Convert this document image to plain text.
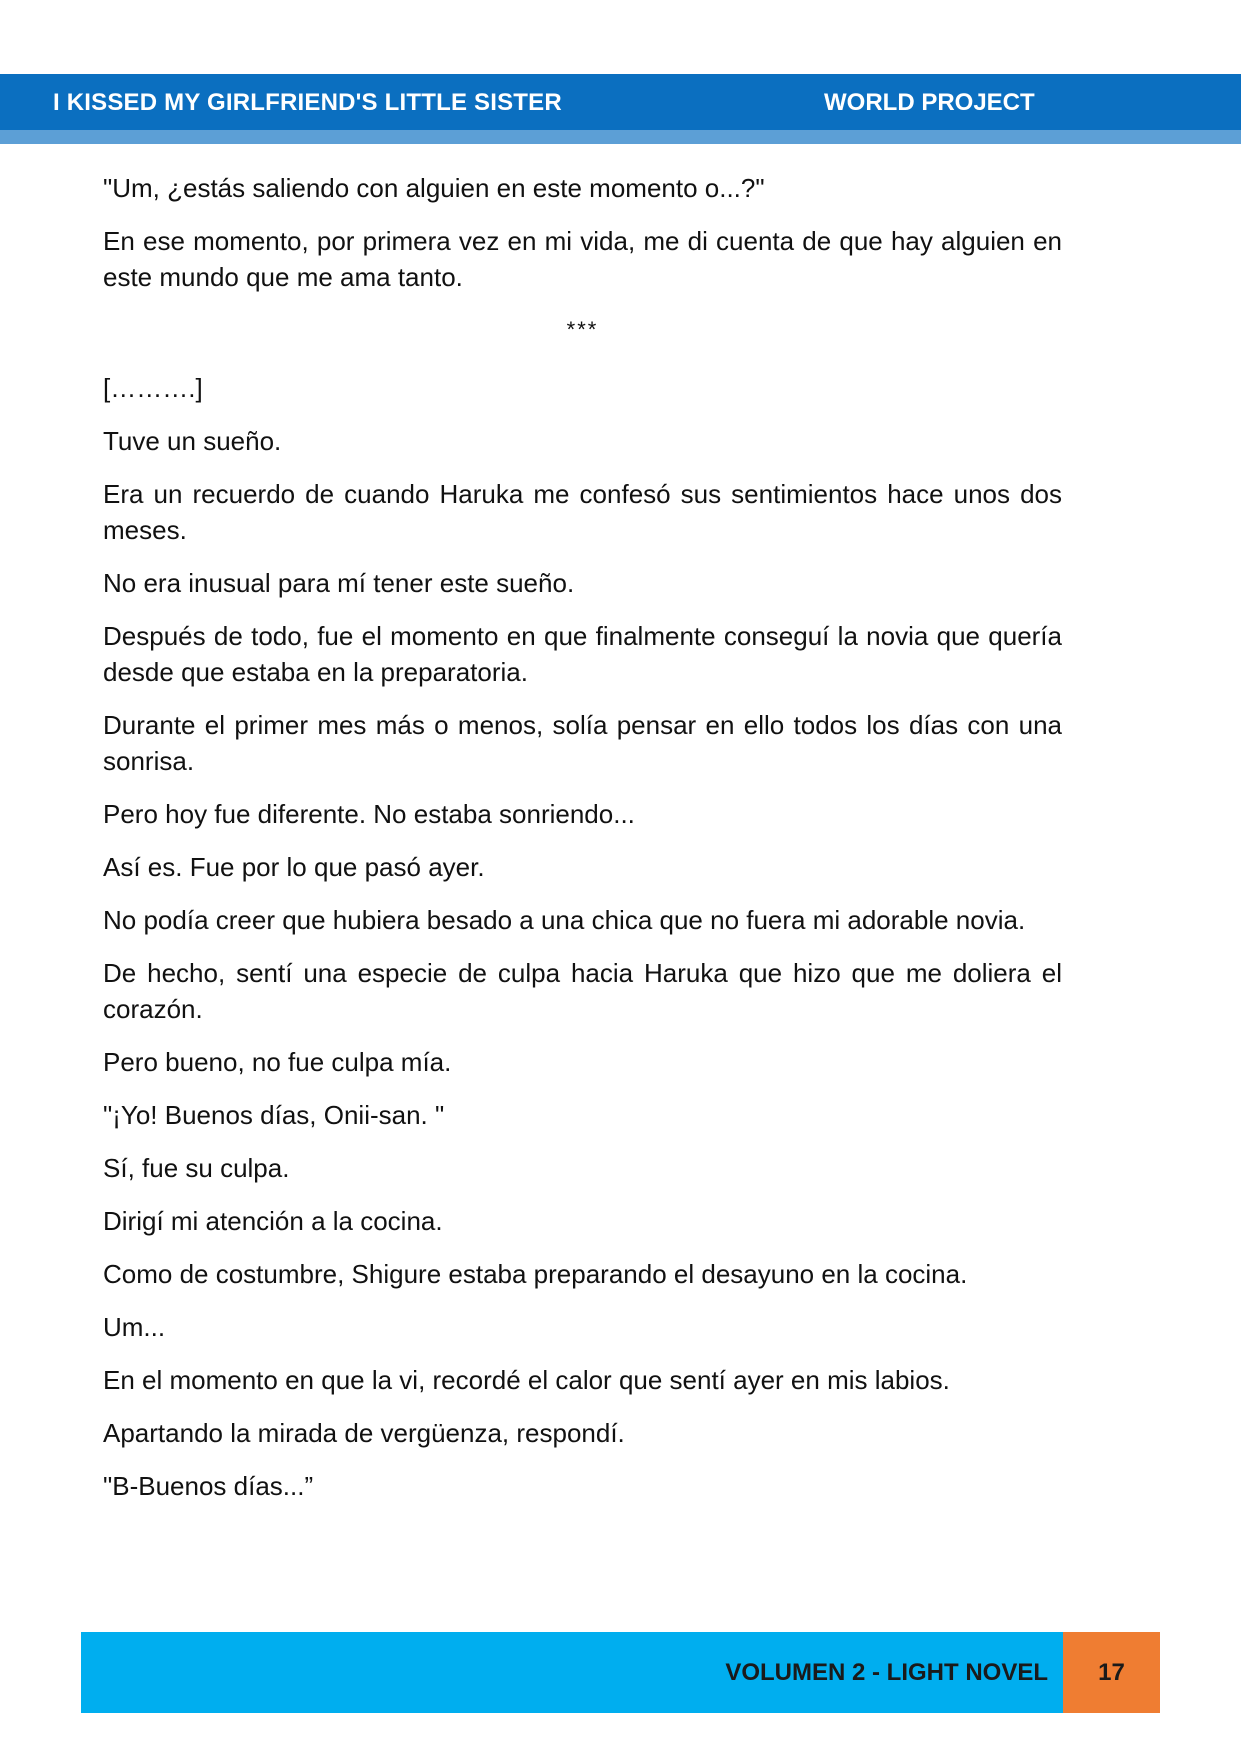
I KISSED MY GIRLFRIEND'S LITTLE SISTER	WORLD PROJECT

"Um, ¿estás saliendo con alguien en este momento o...?"

En ese momento, por primera vez en mi vida, me di cuenta de que hay alguien en este mundo que me ama tanto.

***

[……….]

Tuve un sueño.

Era un recuerdo de cuando Haruka me confesó sus sentimientos hace unos dos meses.

No era inusual para mí tener este sueño.

Después de todo, fue el momento en que finalmente conseguí la novia que quería desde que estaba en la preparatoria.

Durante el primer mes más o menos, solía pensar en ello todos los días con una sonrisa.

Pero hoy fue diferente. No estaba sonriendo...

Así es. Fue por lo que pasó ayer.

No podía creer que hubiera besado a una chica que no fuera mi adorable novia.

De hecho, sentí una especie de culpa hacia Haruka que hizo que me doliera el corazón.

Pero bueno, no fue culpa mía.

"¡Yo! Buenos días, Onii-san. "

Sí, fue su culpa.

Dirigí mi atención a la cocina.

Como de costumbre, Shigure estaba preparando el desayuno en la cocina.

Um...

En el momento en que la vi, recordé el calor que sentí ayer en mis labios.

Apartando la mirada de vergüenza, respondí.

"B-Buenos días...”

VOLUMEN 2 - LIGHT NOVEL	17
